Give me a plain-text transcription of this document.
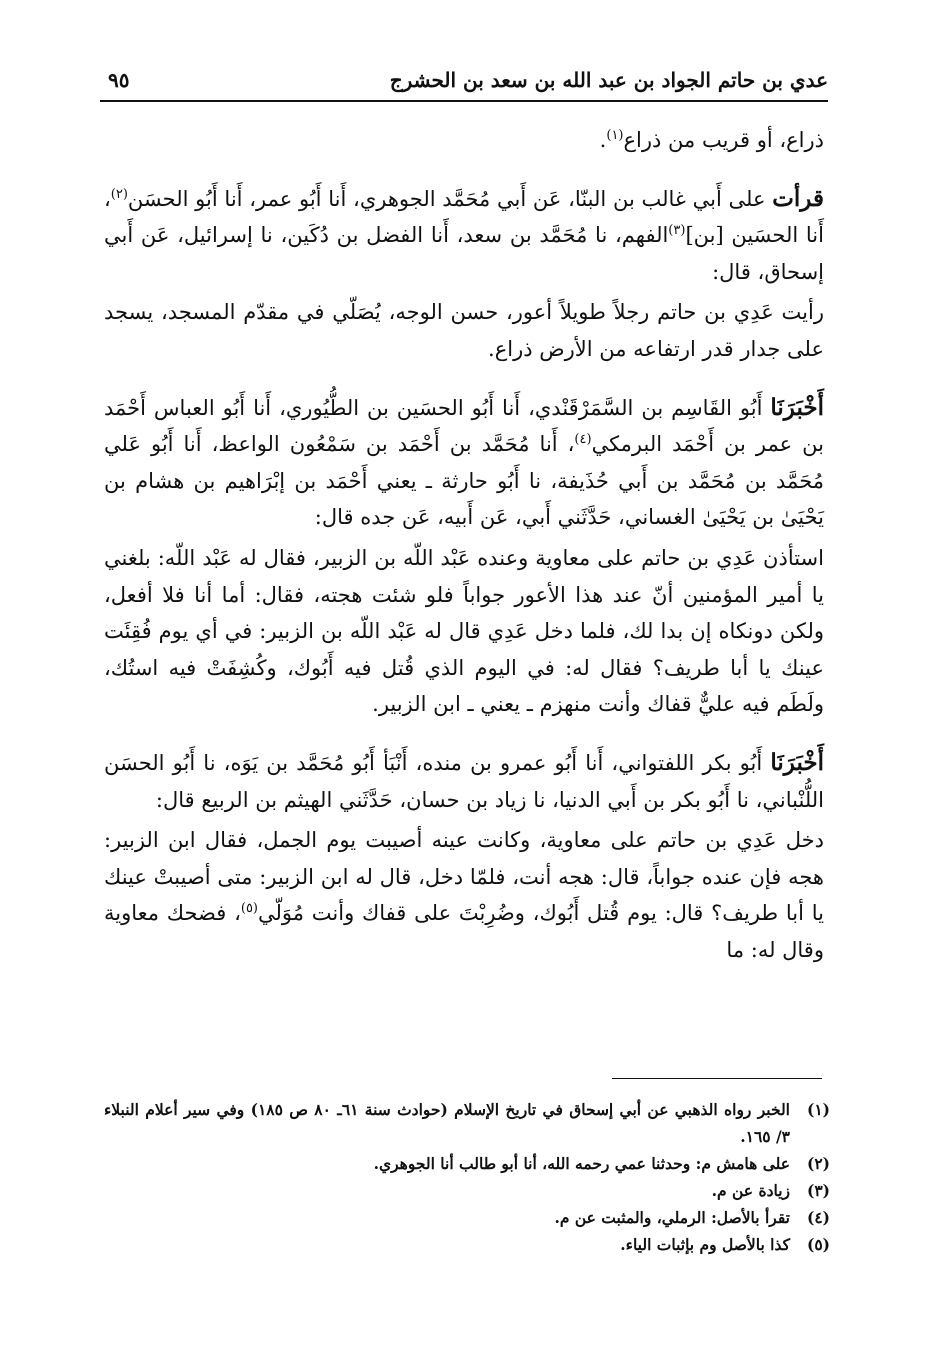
عدي بن حاتم الجواد بن عبد الله بن سعد بن الحشرج
٩٥

ذراع، أو قريب من ذراع$^{(١)}$.

قرأت على أَبي غالب بن البنّا، عَن أَبي مُحَمَّد الجوهري، أَنا أَبُو عمر، أَنا أَبُو الحسَن$^{(٢)}$، أَنا الحسَين [بن]$^{(٣)}$الفهم، نا مُحَمَّد بن سعد، أَنا الفضل بن دُكَين، نا إسرائيل، عَن أَبي إسحاق، قال:

رأيت عَدِي بن حاتم رجلاً طويلاً أعور، حسن الوجه، يُصَلّي في مقدّم المسجد، يسجد على جدار قدر ارتفاعه من الأرض ذراع.

أَخْبَرَنَا أَبُو القَاسِم بن السَّمَرْقَنْدي، أَنا أَبُو الحسَين بن الطُّيُوري، أَنا أَبُو العباس أَحْمَد بن عمر بن أَحْمَد البرمكي$^{(٤)}$، أَنا مُحَمَّد بن أَحْمَد بن سَمْعُون الواعظ، أَنا أَبُو عَلي مُحَمَّد بن مُحَمَّد بن أَبي حُذَيفة، نا أَبُو حارثة ـ يعني أَحْمَد بن إبْرَاهيم بن هشام بن يَحْيَىٰ بن يَحْيَىٰ الغساني، حَدَّثَني أَبي، عَن أَبيه، عَن جده قال:

استأذن عَدِي بن حاتم على معاوية وعنده عَبْد اللّه بن الزبير، فقال له عَبْد اللّه: بلغني يا أمير المؤمنين أنّ عند هذا الأعور جواباً فلو شئت هجته، فقال: أما أنا فلا أفعل، ولكن دونكاه إن بدا لك، فلما دخل عَدِي قال له عَبْد اللّه بن الزبير: في أي يوم فُقِئَت عينك يا أبا طريف؟ فقال له: في اليوم الذي قُتل فيه أَبُوك، وكُشِفَتْ فيه استُك، ولَطَم فيه عليٌّ قفاك وأنت منهزم ـ يعني ـ ابن الزبير.

أَخْبَرَنَا أَبُو بكر اللفتواني، أَنا أَبُو عمرو بن منده، أَنْبَأ أَبُو مُحَمَّد بن يَوَه، نا أَبُو الحسَن اللُّنْباني، نا أَبُو بكر بن أَبي الدنيا، نا زياد بن حسان، حَدَّثَني الهيثم بن الربيع قال:

دخل عَدِي بن حاتم على معاوية، وكانت عينه أصيبت يوم الجمل، فقال ابن الزبير: هجه فإن عنده جواباً، قال: هجه أنت، فلمّا دخل، قال له ابن الزبير: متى أصيبتْ عينك يا أبا طريف؟ قال: يوم قُتل أَبُوك، وضُرِبْتَ على قفاك وأنت مُوَلّي$^{(٥)}$، فضحك معاوية وقال له: ما

(١)
الخبر رواه الذهبي عن أبي إسحاق في تاريخ الإسلام (حوادث سنة ٦١ـ ٨٠ ص ١٨٥) وفي سير أعلام النبلاء ٣/ ١٦٥.

(٢)
على هامش م: وحدثنا عمي رحمه الله، أنا أبو طالب أنا الجوهري.

(٣)
زيادة عن م.

(٤)
تقرأ بالأصل: الرملي، والمثبت عن م.

(٥)
كذا بالأصل وم بإثبات الياء.
